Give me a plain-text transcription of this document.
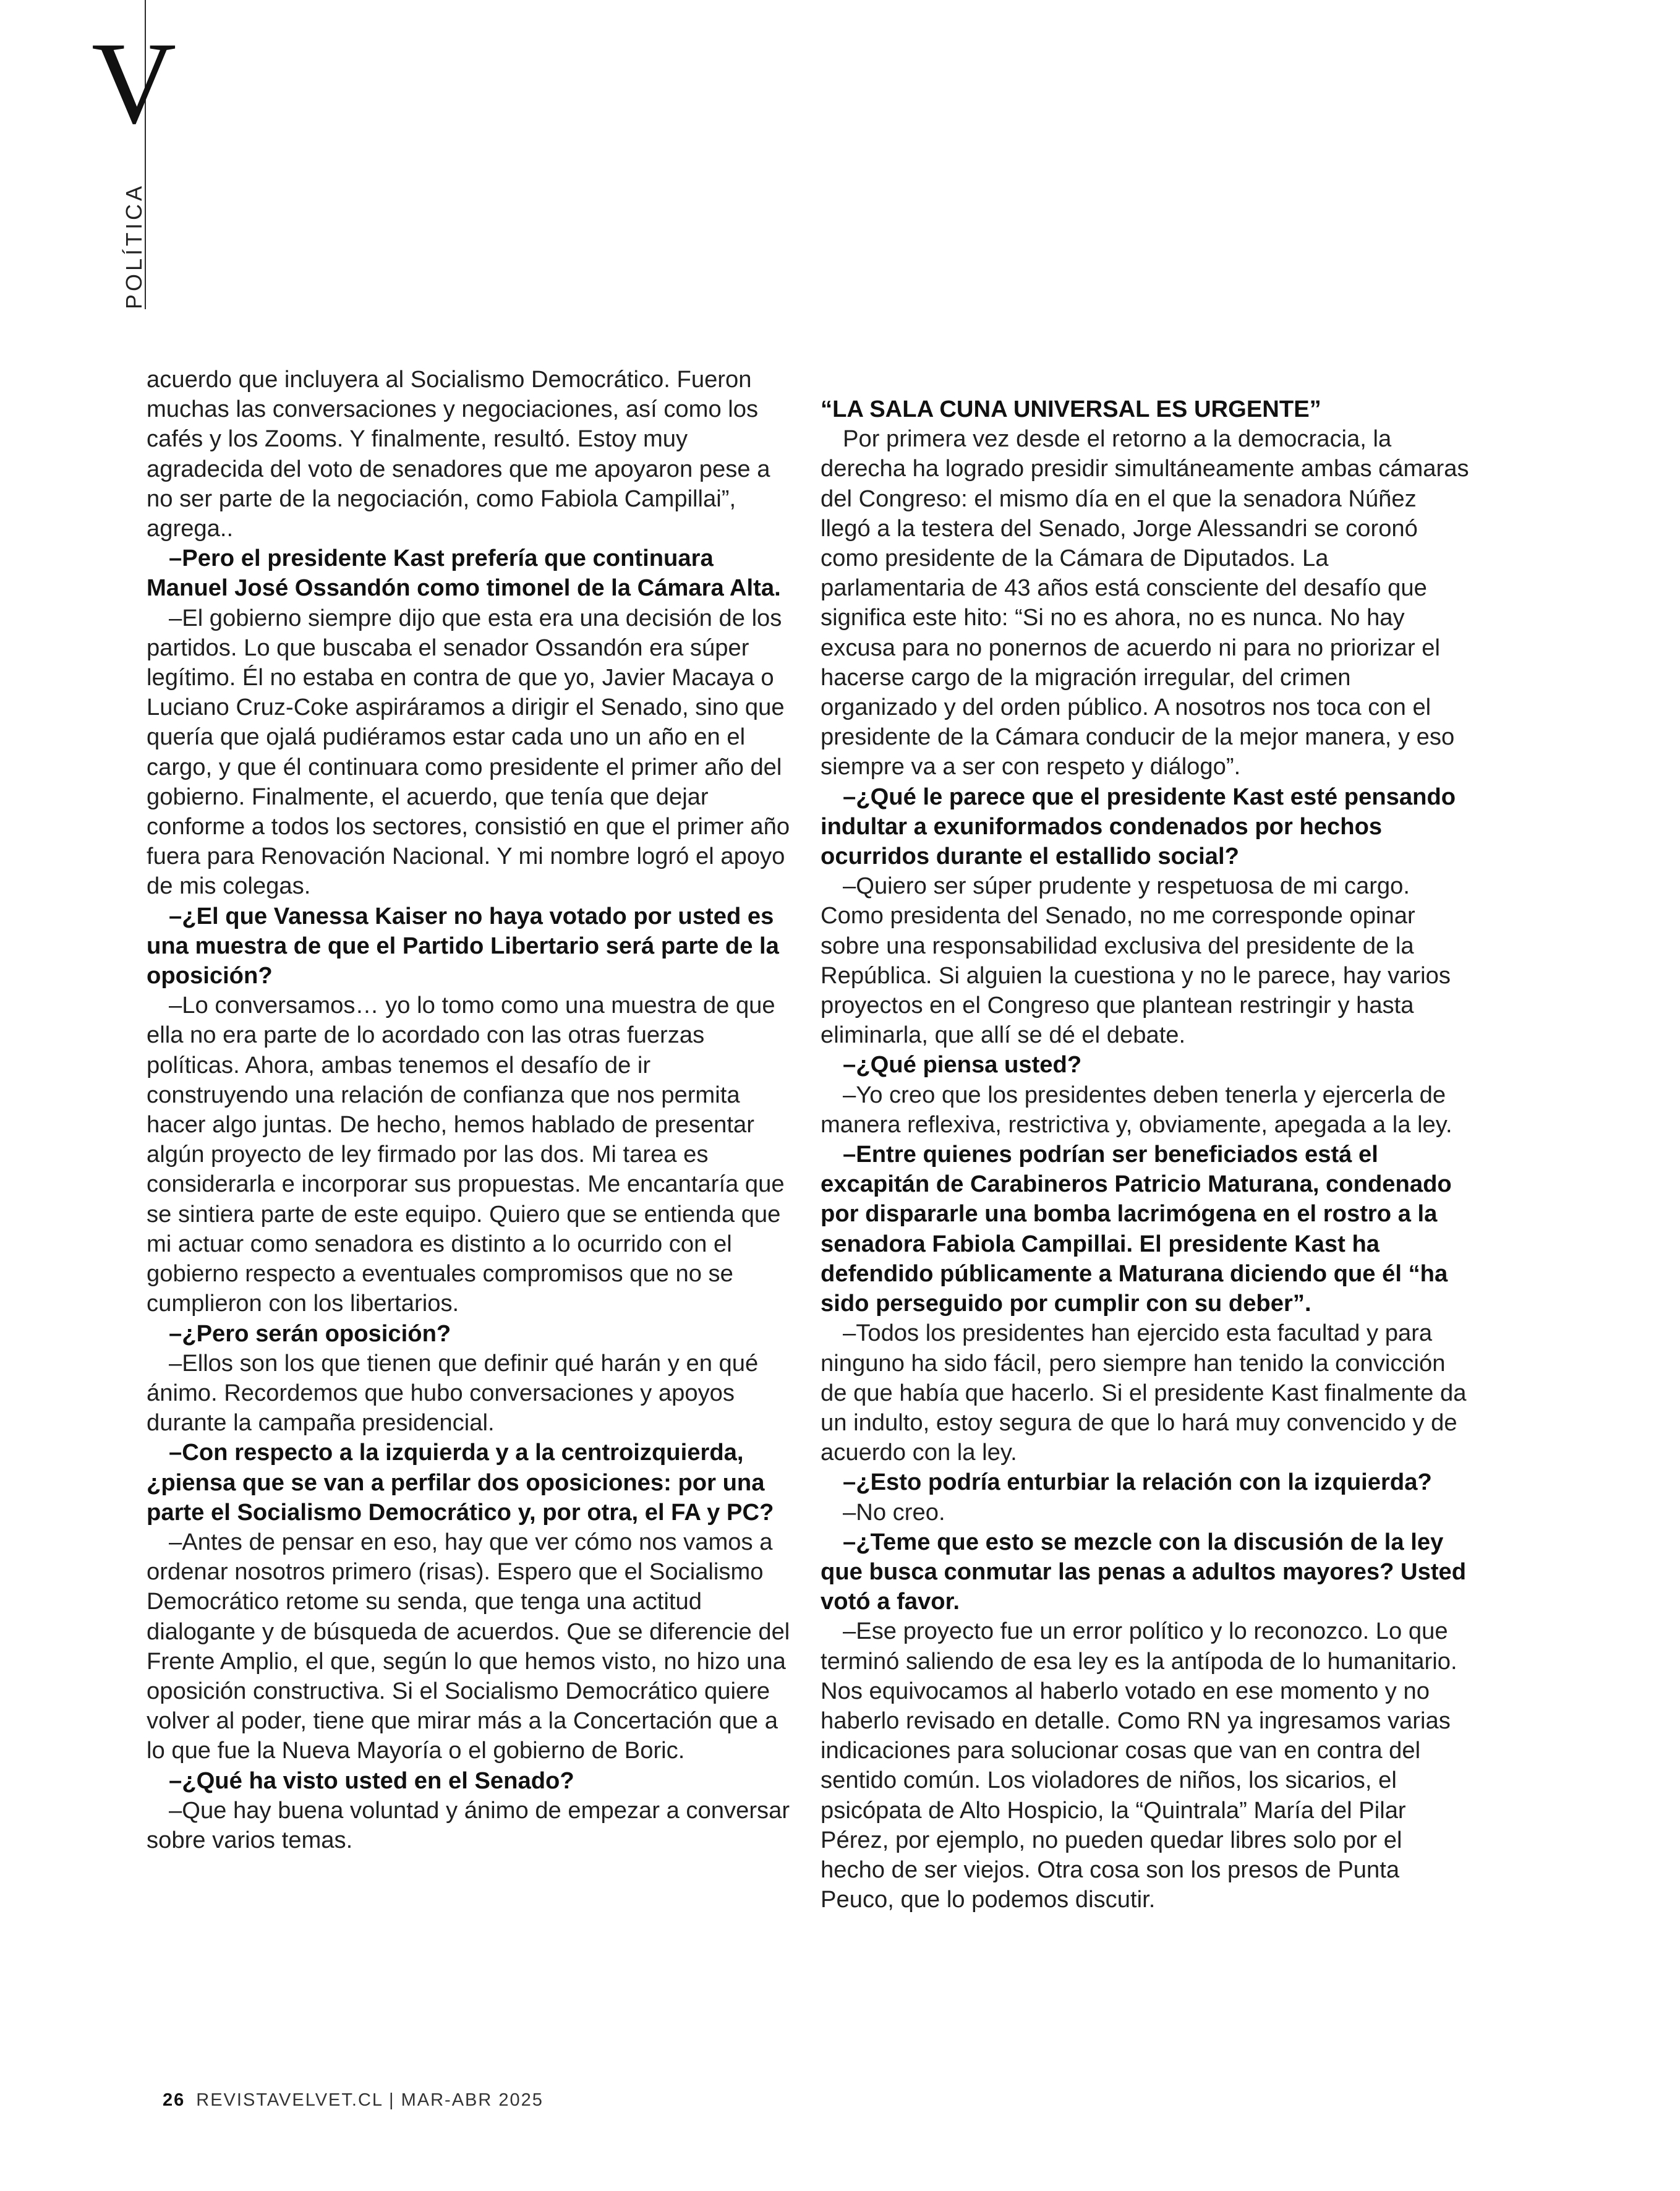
V
POLÍTICA

acuerdo que incluyera al Socialismo Democrático. Fueron muchas las conversaciones y negociaciones, así como los cafés y los Zooms. Y finalmente, resultó. Estoy muy agradecida del voto de senadores que me apoyaron pese a no ser parte de la negociación, como Fabiola Campillai”, agrega..

–Pero el presidente Kast prefería que continuara Manuel José Ossandón como timonel de la Cámara Alta.

–El gobierno siempre dijo que esta era una decisión de los partidos. Lo que buscaba el senador Ossandón era súper legítimo. Él no estaba en contra de que yo, Javier Macaya o Luciano Cruz-Coke aspiráramos a dirigir el Senado, sino que quería que ojalá pudiéramos estar cada uno un año en el cargo, y que él continuara como presidente el primer año del gobierno. Finalmente, el acuerdo, que tenía que dejar conforme a todos los sectores, consistió en que el primer año fuera para Renovación Nacional. Y mi nombre logró el apoyo de mis colegas.

–¿El que Vanessa Kaiser no haya votado por usted es una muestra de que el Partido Libertario será parte de la oposición?

–Lo conversamos… yo lo tomo como una muestra de que ella no era parte de lo acordado con las otras fuerzas políticas. Ahora, ambas tenemos el desafío de ir construyendo una relación de confianza que nos permita hacer algo juntas. De hecho, hemos hablado de presentar algún proyecto de ley firmado por las dos. Mi tarea es considerarla e incorporar sus propuestas. Me encantaría que se sintiera parte de este equipo. Quiero que se entienda que mi actuar como senadora es distinto a lo ocurrido con el gobierno respecto a eventuales compromisos que no se cumplieron con los libertarios.

–¿Pero serán oposición?

–Ellos son los que tienen que definir qué harán y en qué ánimo. Recordemos que hubo conversaciones y apoyos durante la campaña presidencial.

–Con respecto a la izquierda y a la centroizquierda, ¿piensa que se van a perfilar dos oposiciones: por una parte el Socialismo Democrático y, por otra, el FA y PC?

–Antes de pensar en eso, hay que ver cómo nos vamos a ordenar nosotros primero (risas). Espero que el Socialismo Democrático retome su senda, que tenga una actitud dialogante y de búsqueda de acuerdos. Que se diferencie del Frente Amplio, el que, según lo que hemos visto, no hizo una oposición constructiva. Si el Socialismo Democrático quiere volver al poder, tiene que mirar más a la Concertación que a lo que fue la Nueva Mayoría o el gobierno de Boric.

–¿Qué ha visto usted en el Senado?

–Que hay buena voluntad y ánimo de empezar a conversar sobre varios temas.

“LA SALA CUNA UNIVERSAL ES URGENTE”

Por primera vez desde el retorno a la democracia, la derecha ha logrado presidir simultáneamente ambas cámaras del Congreso: el mismo día en el que la senadora Núñez llegó a la testera del Senado, Jorge Alessandri se coronó como presidente de la Cámara de Diputados. La parlamentaria de 43 años está consciente del desafío que significa este hito: “Si no es ahora, no es nunca. No hay excusa para no ponernos de acuerdo ni para no priorizar el hacerse cargo de la migración irregular, del crimen organizado y del orden público. A nosotros nos toca con el presidente de la Cámara conducir de la mejor manera, y eso siempre va a ser con respeto y diálogo”.

–¿Qué le parece que el presidente Kast esté pensando indultar a exuniformados condenados por hechos ocurridos durante el estallido social?

–Quiero ser súper prudente y respetuosa de mi cargo. Como presidenta del Senado, no me corresponde opinar sobre una responsabilidad exclusiva del presidente de la República. Si alguien la cuestiona y no le parece, hay varios proyectos en el Congreso que plantean restringir y hasta eliminarla, que allí se dé el debate.

–¿Qué piensa usted?

–Yo creo que los presidentes deben tenerla y ejercerla de manera reflexiva, restrictiva y, obviamente, apegada a la ley.

–Entre quienes podrían ser beneficiados está el excapitán de Carabineros Patricio Maturana, condenado por dispararle una bomba lacrimógena en el rostro a la senadora Fabiola Campillai. El presidente Kast ha defendido públicamente a Maturana diciendo que él “ha sido perseguido por cumplir con su deber”.

–Todos los presidentes han ejercido esta facultad y para ninguno ha sido fácil, pero siempre han tenido la convicción de que había que hacerlo. Si el presidente Kast finalmente da un indulto, estoy segura de que lo hará muy convencido y de acuerdo con la ley.

–¿Esto podría enturbiar la relación con la izquierda?

–No creo.

–¿Teme que esto se mezcle con la discusión de la ley que busca conmutar las penas a adultos mayores? Usted votó a favor.

–Ese proyecto fue un error político y lo reconozco. Lo que terminó saliendo de esa ley es la antípoda de lo humanitario. Nos equivocamos al haberlo votado en ese momento y no haberlo revisado en detalle. Como RN ya ingresamos varias indicaciones para solucionar cosas que van en contra del sentido común. Los violadores de niños, los sicarios, el psicópata de Alto Hospicio, la “Quintrala” María del Pilar Pérez, por ejemplo, no pueden quedar libres solo por el hecho de ser viejos. Otra cosa son los presos de Punta Peuco, que lo podemos discutir.

26 REVISTAVELVET.CL | MAR-ABR 2025
